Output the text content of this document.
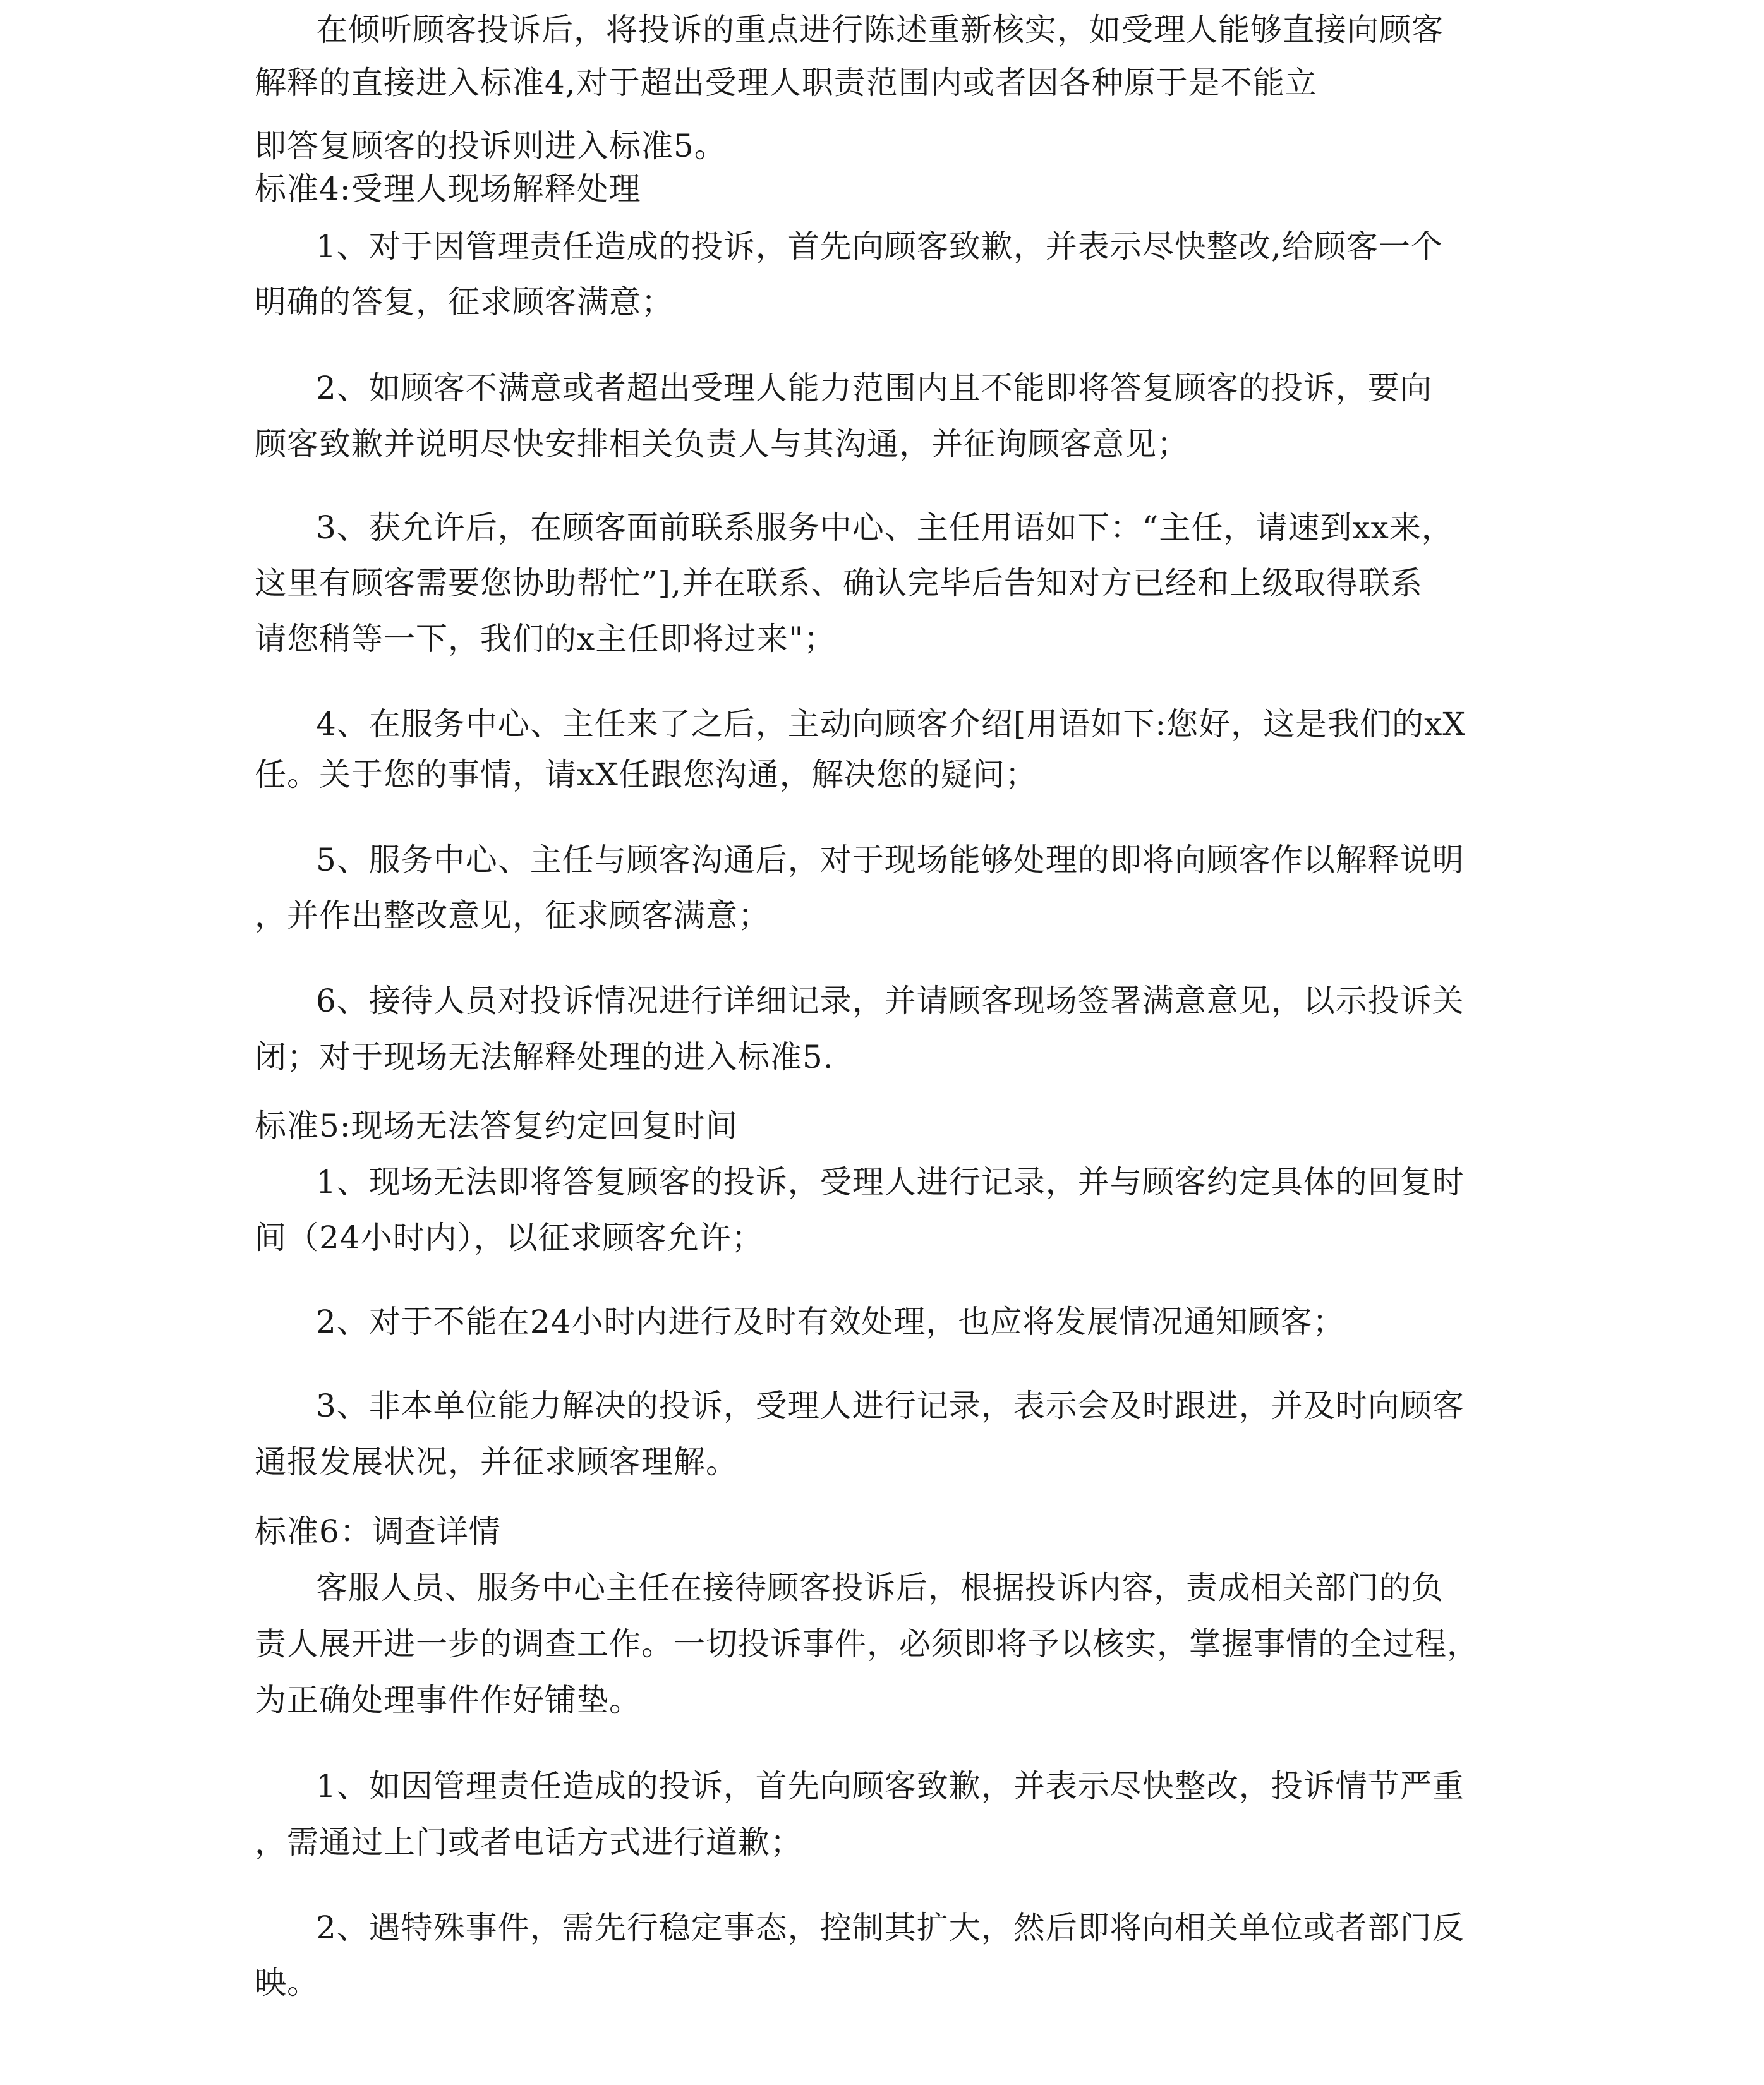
在倾听顾客投诉后，将投诉的重点进行陈述重新核实，如受理人能够直接向顾客
解释的直接进入标准4,对于超出受理人职责范围内或者因各种原于是不能立
即答复顾客的投诉则进入标准5。
标准4:受理人现场解释处理
1、对于因管理责任造成的投诉，首先向顾客致歉，并表示尽快整改,给顾客一个
明确的答复，征求顾客满意；
2、如顾客不满意或者超出受理人能力范围内且不能即将答复顾客的投诉，要向
顾客致歉并说明尽快安排相关负责人与其沟通，并征询顾客意见；
3、获允许后，在顾客面前联系服务中心、主任用语如下：“主任，请速到xx来，
这里有顾客需要您协助帮忙”],并在联系、确认完毕后告知对方已经和上级取得联系
请您稍等一下，我们的x主任即将过来"；
4、在服务中心、主任来了之后，主动向顾客介绍[用语如下:您好，这是我们的xX
任。关于您的事情，请xX任跟您沟通，解决您的疑问；
5、服务中心、主任与顾客沟通后，对于现场能够处理的即将向顾客作以解释说明
，并作出整改意见，征求顾客满意；
6、接待人员对投诉情况进行详细记录，并请顾客现场签署满意意见，以示投诉关
闭；对于现场无法解释处理的进入标准5.
标准5:现场无法答复约定回复时间
1、现场无法即将答复顾客的投诉，受理人进行记录，并与顾客约定具体的回复时
间（24小时内），以征求顾客允许；
2、对于不能在24小时内进行及时有效处理，也应将发展情况通知顾客；
3、非本单位能力解决的投诉，受理人进行记录，表示会及时跟进，并及时向顾客
通报发展状况，并征求顾客理解。
标准6：调查详情
客服人员、服务中心主任在接待顾客投诉后，根据投诉内容，责成相关部门的负
责人展开进一步的调查工作。一切投诉事件，必须即将予以核实，掌握事情的全过程，
为正确处理事件作好铺垫。
1、如因管理责任造成的投诉，首先向顾客致歉，并表示尽快整改，投诉情节严重
，需通过上门或者电话方式进行道歉；
2、遇特殊事件，需先行稳定事态，控制其扩大，然后即将向相关单位或者部门反
映。
